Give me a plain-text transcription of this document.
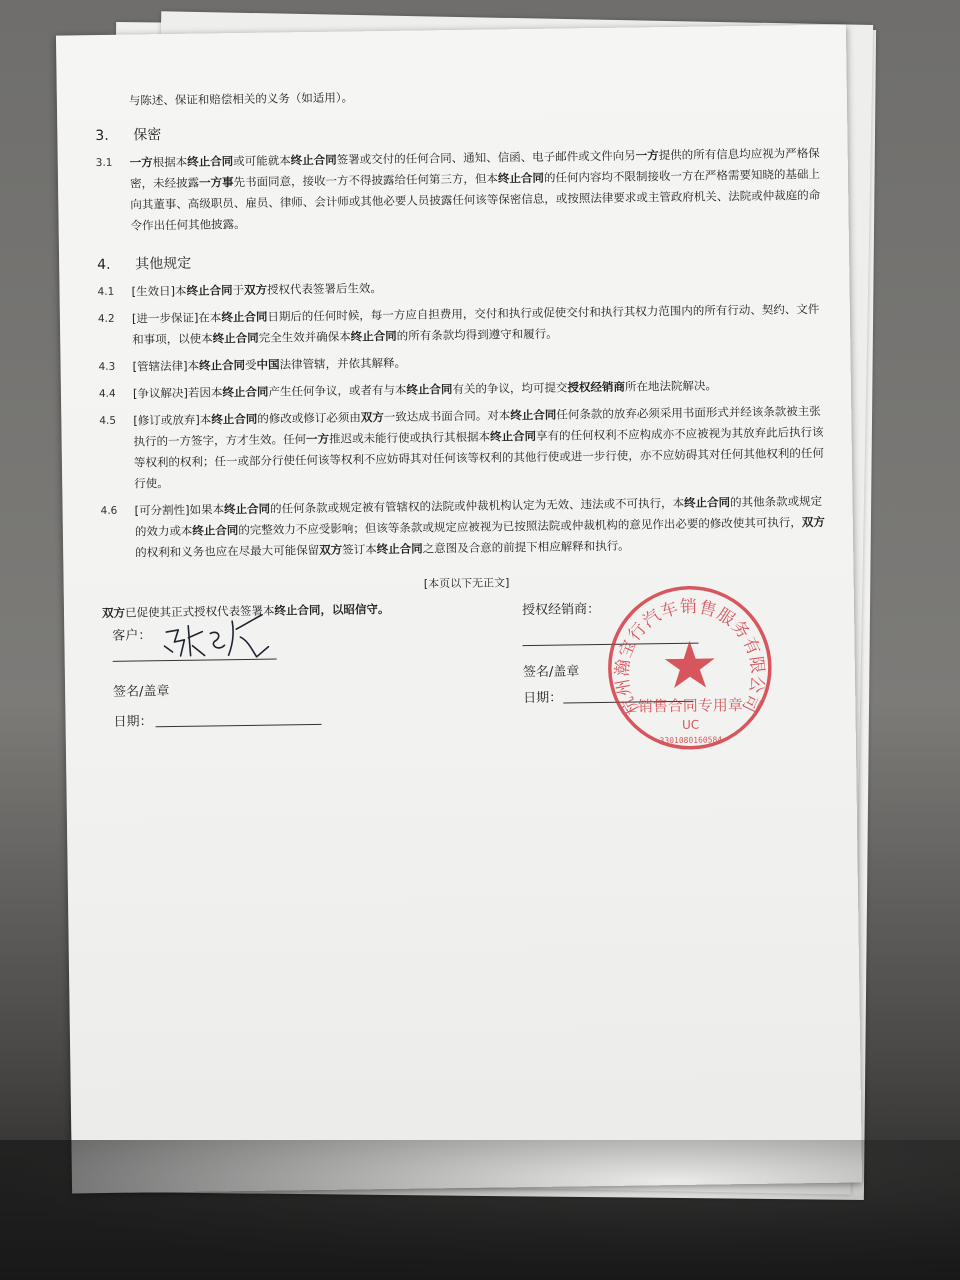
与陈述、保证和赔偿相关的义务（如适用）。
3.	保密
3.1	一方根据本终止合同或可能就本终止合同签署或交付的任何合同、通知、信函、电子邮件或文件向另一方提供的所有信息均应视为严格保密，未经披露一方事先书面同意，接收一方不得披露给任何第三方，但本终止合同的任何内容均不限制接收一方在严格需要知晓的基础上向其董事、高级职员、雇员、律师、会计师或其他必要人员披露任何该等保密信息，或按照法律要求或主管政府机关、法院或仲裁庭的命令作出任何其他披露。
4.	其他规定
4.1	[生效日]本终止合同于双方授权代表签署后生效。
4.2	[进一步保证]在本终止合同日期后的任何时候，每一方应自担费用，交付和执行或促使交付和执行其权力范围内的所有行动、契约、文件和事项，以使本终止合同完全生效并确保本终止合同的所有条款均得到遵守和履行。
4.3	[管辖法律]本终止合同受中国法律管辖，并依其解释。
4.4	[争议解决]若因本终止合同产生任何争议，或者有与本终止合同有关的争议，均可提交授权经销商所在地法院解决。
4.5	[修订或放弃]本终止合同的修改或修订必须由双方一致达成书面合同。对本终止合同任何条款的放弃必须采用书面形式并经该条款被主张执行的一方签字，方才生效。任何一方推迟或未能行使或执行其根据本终止合同享有的任何权利不应构成亦不应被视为其放弃此后执行该等权利的权利；任一或部分行使任何该等权利不应妨碍其对任何该等权利的其他行使或进一步行使，亦不应妨碍其对任何其他权利的任何行使。
4.6	[可分割性]如果本终止合同的任何条款或规定被有管辖权的法院或仲裁机构认定为无效、违法或不可执行，本终止合同的其他条款或规定的效力或本终止合同的完整效力不应受影响；但该等条款或规定应被视为已按照法院或仲裁机构的意见作出必要的修改使其可执行，双方的权利和义务也应在尽最大可能保留双方签订本终止合同之意图及合意的前提下相应解释和执行。
[本页以下无正文]
双方已促使其正式授权代表签署本终止合同，以昭信守。
客户：
签名/盖章
日期：
授权经销商：
签名/盖章
日期：	杭州瀚宝行汽车销售服务有限公司
销售合同专用章
UC
3301080160584
